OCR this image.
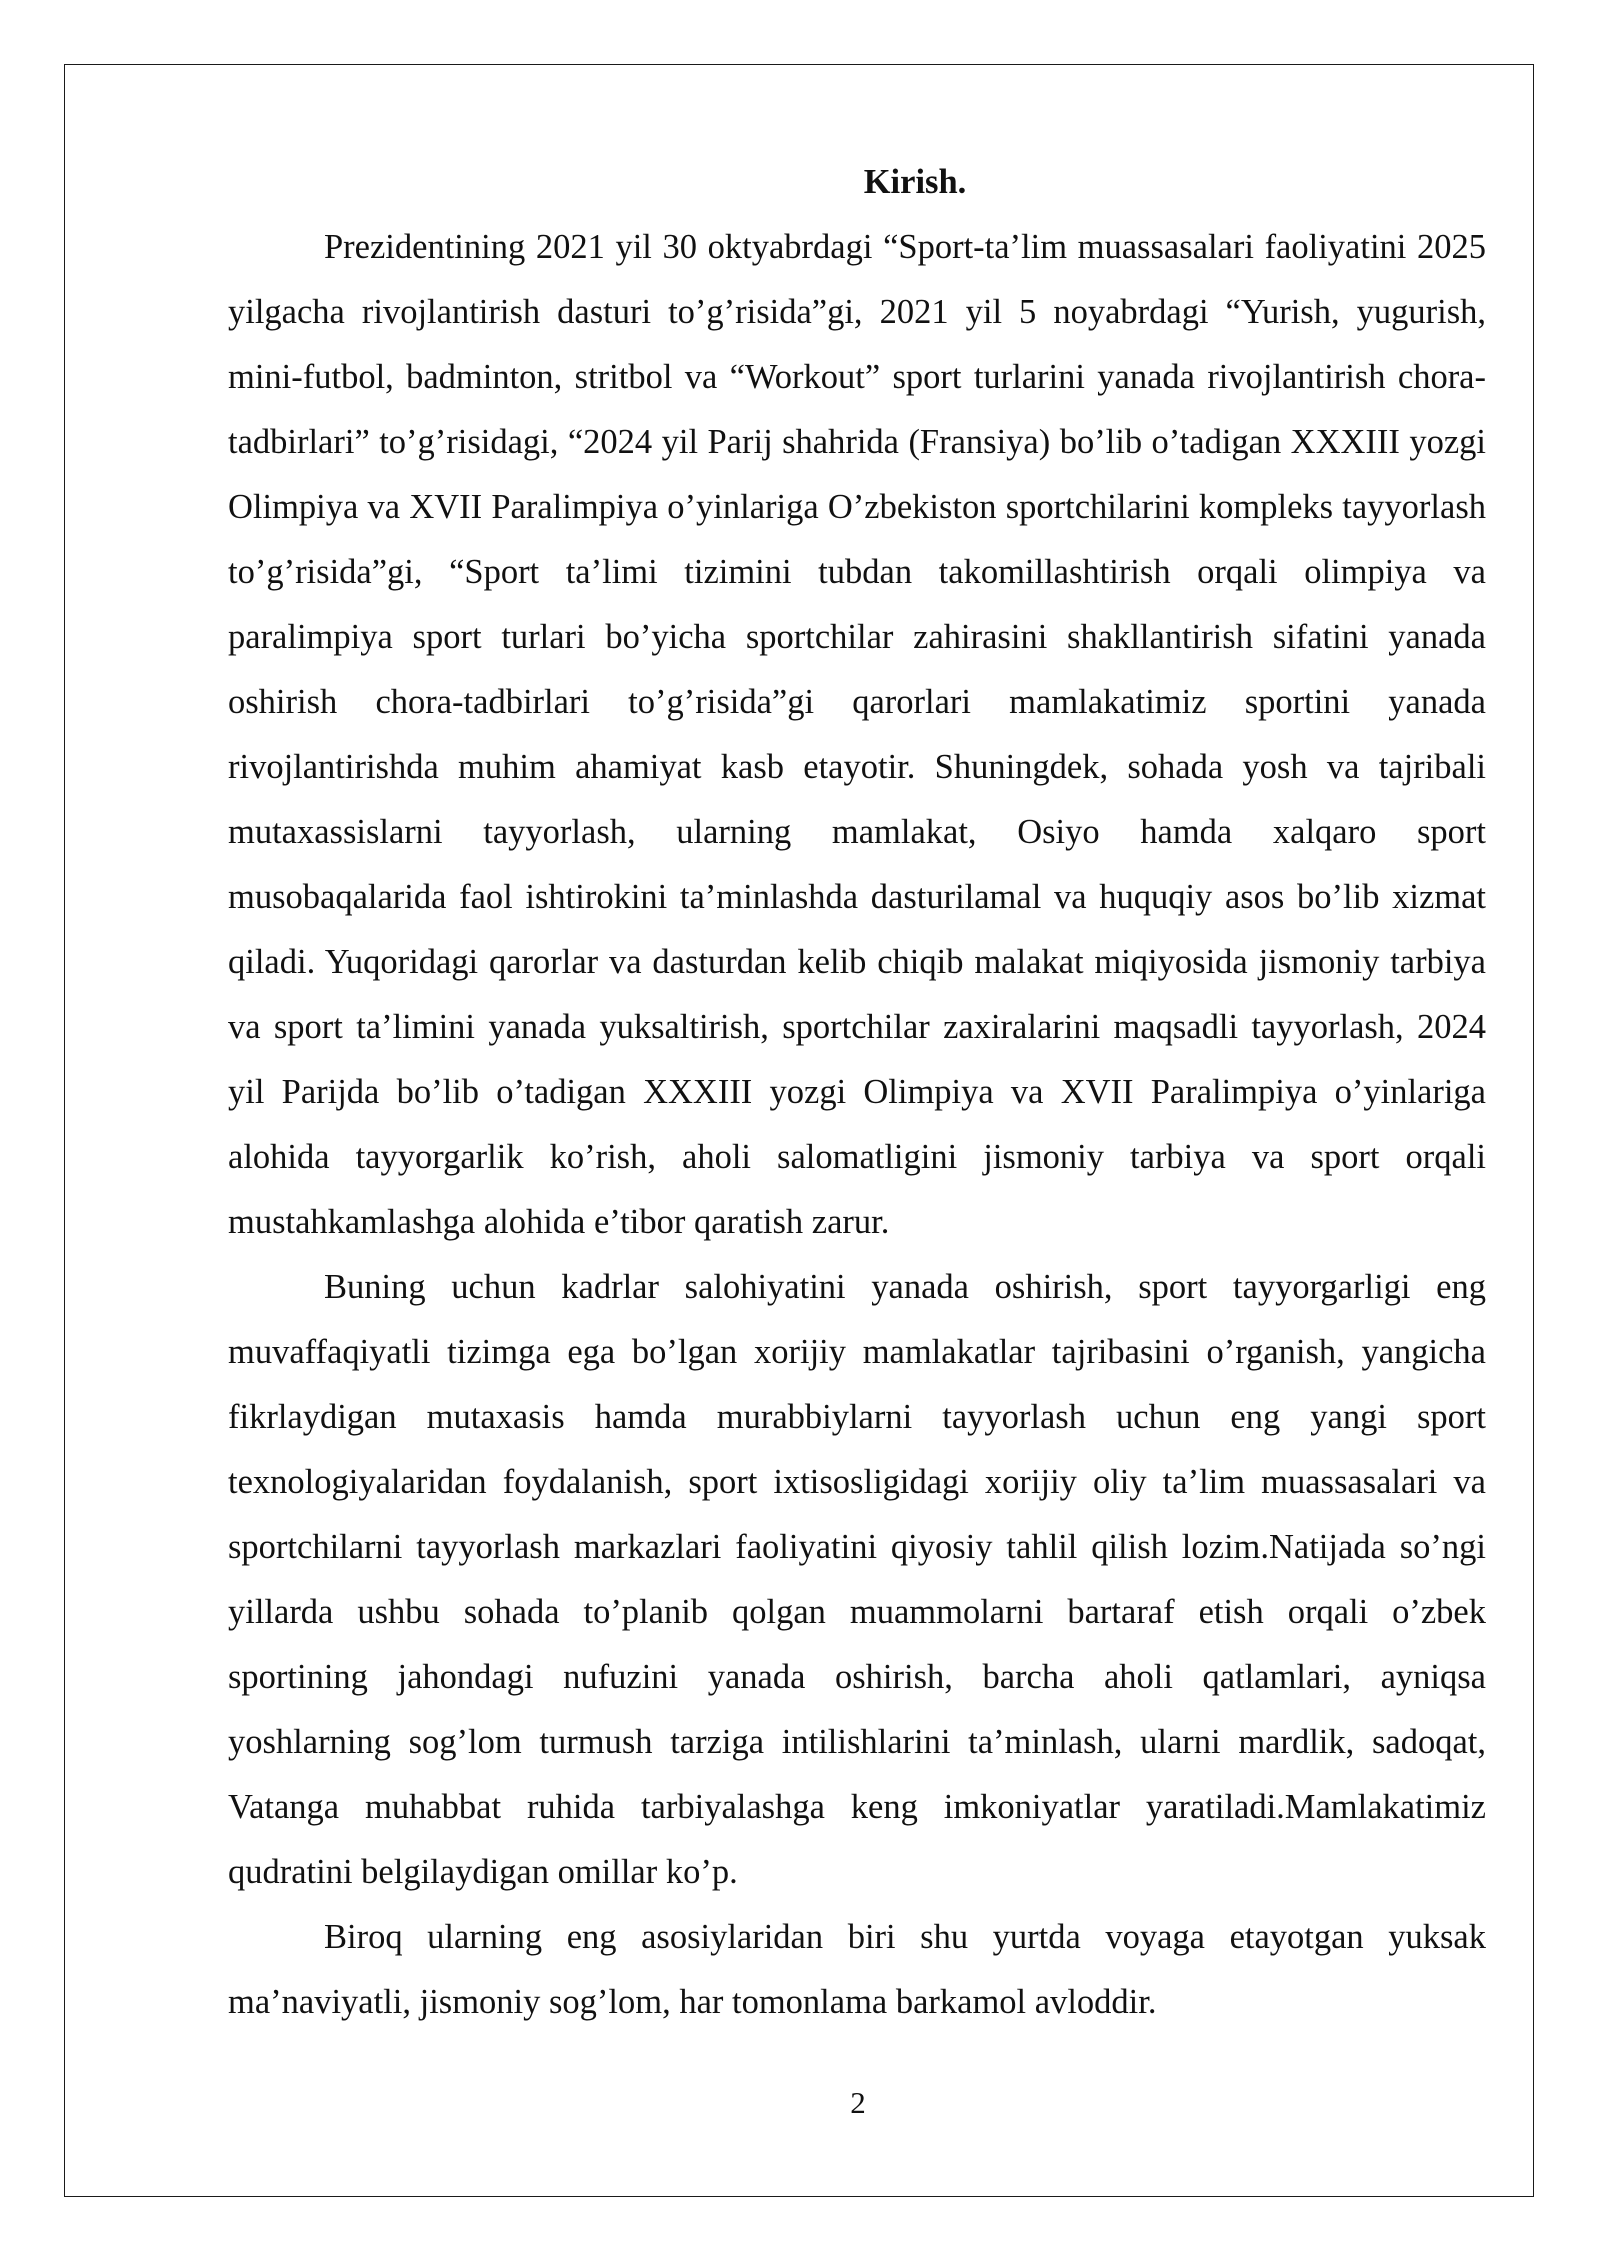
Kirish.

Prezidentining 2021 yil 30 oktyabrdagi “Sport-ta’lim muassasalari faoliyatini 2025 yilgacha rivojlantirish dasturi to’g’risida”gi, 2021 yil 5 noyabrdagi “Yurish, yugurish, mini-futbol, badminton, stritbol va “Workout” sport turlarini yanada rivojlantirish chora-tadbirlari” to’g’risidagi, “2024 yil Parij shahrida (Fransiya) bo’lib o’tadigan XXXIII yozgi Olimpiya va XVII Paralimpiya o’yinlariga O’zbekiston sportchilarini kompleks tayyorlash to’g’risida”gi, “Sport ta’limi tizimini tubdan takomillashtirish orqali olimpiya va paralimpiya sport turlari bo’yicha sportchilar zahirasini shakllantirish sifatini yanada oshirish chora-tadbirlari to’g’risida”gi qarorlari mamlakatimiz sportini yanada rivojlantirishda muhim ahamiyat kasb etayotir. Shuningdek, sohada yosh va tajribali mutaxassislarni tayyorlash, ularning mamlakat, Osiyo hamda xalqaro sport musobaqalarida faol ishtirokini ta’minlashda dasturilamal va huquqiy asos bo’lib xizmat qiladi. Yuqoridagi qarorlar va dasturdan kelib chiqib malakat miqiyosida jismoniy tarbiya va sport ta’limini yanada yuksaltirish, sportchilar zaxiralarini maqsadli tayyorlash, 2024 yil Parijda bo’lib o’tadigan XXXIII yozgi Olimpiya va XVII Paralimpiya o’yinlariga alohida tayyorgarlik ko’rish, aholi salomatligini jismoniy tarbiya va sport orqali mustahkamlashga alohida e’tibor qaratish zarur.

Buning uchun kadrlar salohiyatini yanada oshirish, sport tayyorgarligi eng muvaffaqiyatli tizimga ega bo’lgan xorijiy mamlakatlar tajribasini o’rganish, yangicha fikrlaydigan mutaxasis hamda murabbiylarni tayyorlash uchun eng yangi sport texnologiyalaridan foydalanish, sport ixtisosligidagi xorijiy oliy ta’lim muassasalari va sportchilarni tayyorlash markazlari faoliyatini qiyosiy tahlil qilish lozim.Natijada so’ngi yillarda ushbu sohada to’planib qolgan muammolarni bartaraf etish orqali o’zbek sportining jahondagi nufuzini yanada oshirish, barcha aholi qatlamlari, ayniqsa yoshlarning sog’lom turmush tarziga intilishlarini ta’minlash, ularni mardlik, sadoqat, Vatanga muhabbat ruhida tarbiyalashga keng imkoniyatlar yaratiladi.Mamlakatimiz qudratini belgilaydigan omillar ko’p.

Biroq ularning eng asosiylaridan biri shu yurtda voyaga etayotgan yuksak ma’naviyatli, jismoniy sog’lom, har tomonlama barkamol avloddir.

2
